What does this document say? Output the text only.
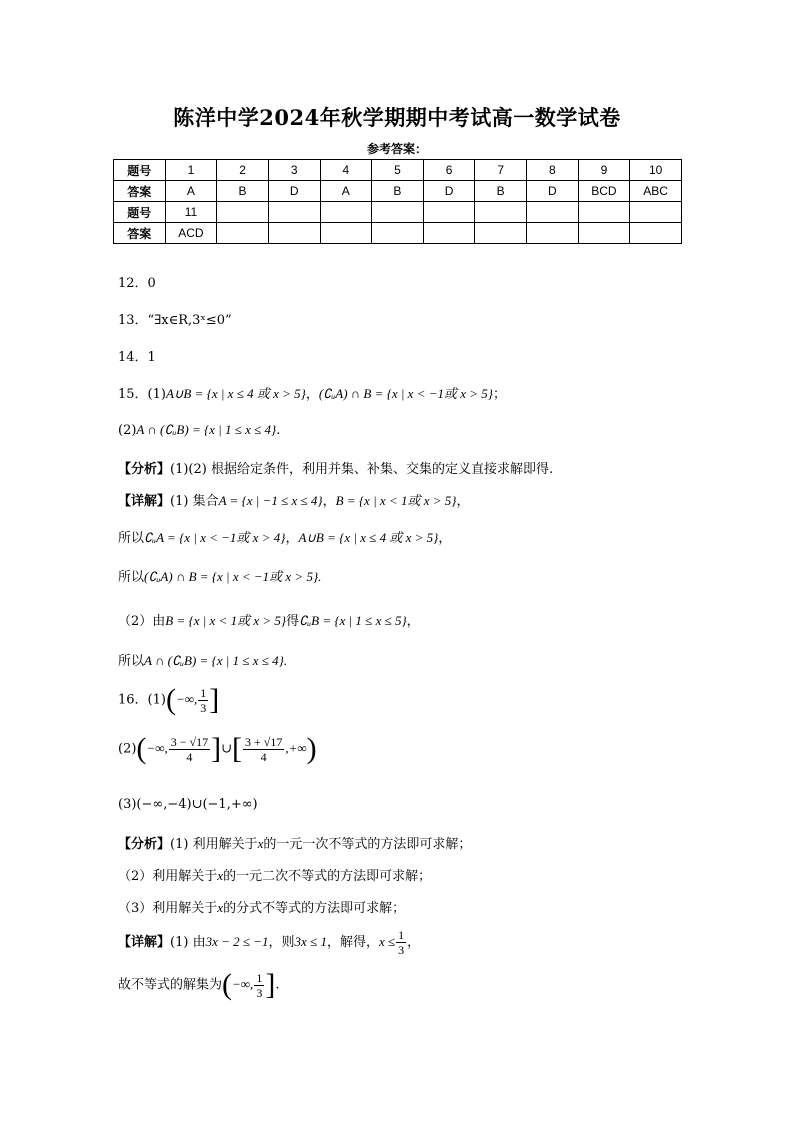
陈洋中学2024年秋学期期中考试高一数学试卷
参考答案：
题号	1	2	3	4	5	6	7	8	9	10
答案	A	B	D	A	B	D	B	D	BCD	ABC
题号	11									
答案	ACD									
12．0
13．“∃x∈R,3ˣ≤0”
14．1
15．(1)A∪B = {x | x ≤ 4 或 x > 5}，(∁ᵤA) ∩ B = {x | x < −1或 x > 5}；
(2)A ∩ (∁ᵤB) = {x | 1 ≤ x ≤ 4}.
【分析】(1)(2) 根据给定条件，利用并集、补集、交集的定义直接求解即得.
【详解】(1) 集合A = {x | −1 ≤ x ≤ 4}，B = {x | x < 1或 x > 5}，
所以∁ᵤA = {x | x < −1或 x > 4}，A∪B = {x | x ≤ 4 或 x > 5}，
所以(∁ᵤA) ∩ B = {x | x < −1或 x > 5}.
（2）由B = {x | x < 1或 x > 5}得∁ᵤB = {x | 1 ≤ x ≤ 5}，
所以A ∩ (∁ᵤB) = {x | 1 ≤ x ≤ 4}.
16．(1)(−∞, $\frac{1}{3}$ ]
(2)(−∞, $\frac{3 - √17}{4}$ ]∪[ $\frac{3 + √17}{4}$ ,+∞)
(3)(−∞,−4)∪(−1,+∞)
【分析】(1) 利用解关于x的一元一次不等式的方法即可求解；
（2）利用解关于x的一元二次不等式的方法即可求解；
（3）利用解关于x的分式不等式的方法即可求解；
【详解】(1) 由3x − 2 ≤ −1，则3x ≤ 1，解得，$x \le \frac{1}{3}$ ，
故不等式的解集为(−∞, $\frac{1}{3}$ ].
